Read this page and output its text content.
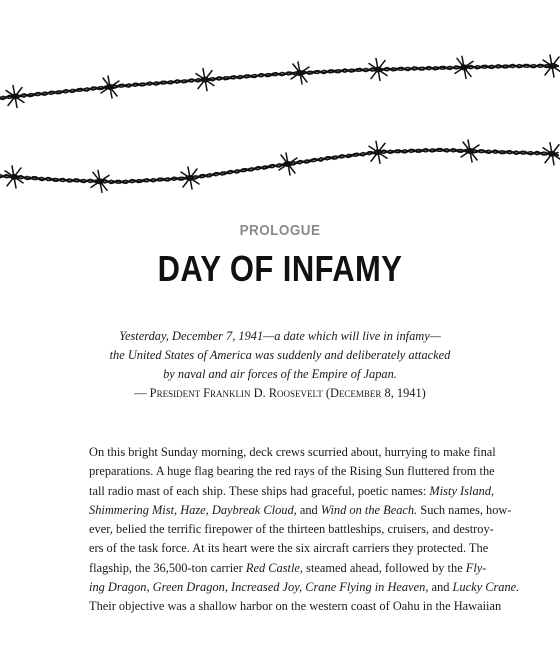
PROLOGUE
DAY OF INFAMY
Yesterday, December 7, 1941—a date which will live in infamy—
the United States of America was suddenly and deliberately attacked
by naval and air forces of the Empire of Japan.
— President Franklin D. Roosevelt (December 8, 1941)
On this bright Sunday morning, deck crews scurried about, hurrying to make final
preparations. A huge flag bearing the red rays of the Rising Sun fluttered from the
tall radio mast of each ship. These ships had graceful, poetic names: Misty Island,
Shimmering Mist, Haze, Daybreak Cloud, and Wind on the Beach. Such names, how-
ever, belied the terrific firepower of the thirteen battleships, cruisers, and destroy-
ers of the task force. At its heart were the six aircraft carriers they protected. The
flagship, the 36,500-ton carrier Red Castle, steamed ahead, followed by the Fly-
ing Dragon, Green Dragon, Increased Joy, Crane Flying in Heaven, and Lucky Crane.
Their objective was a shallow harbor on the western coast of Oahu in the Hawaiian
